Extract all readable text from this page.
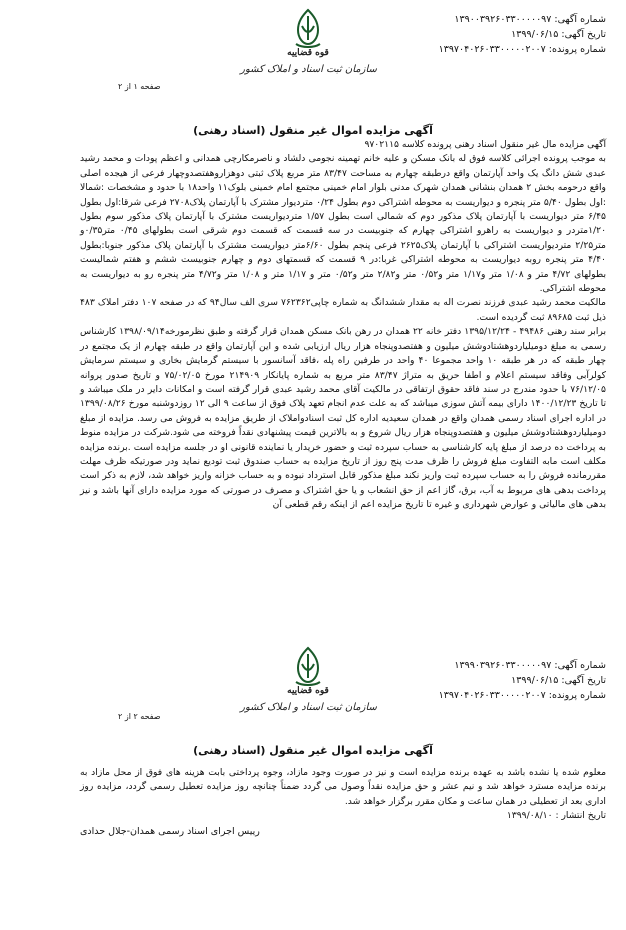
شماره آگهی: ۱۳۹۰۰۳۹۲۶۰۳۳۰۰۰۰۰۹۷
تاریخ آگهی: ۱۳۹۹/۰۶/۱۵
شماره پرونده: ۱۳۹۷۰۴۰۲۶۰۳۳۰۰۰۰۰۲۰۰۷
قوه قضاییه
سازمان ثبت اسناد و املاک کشور
صفحه ۱ از ۲
آگهی مزایده اموال غیر منقول (اسناد رهنی)

آگهی مزایده مال غیر منقول اسناد رهنی پرونده کلاسه ۹۷۰۲۱۱۵

به موجب پرونده اجرائی کلاسه فوق له بانک مسکن و علیه خانم تهمینه نجومی دلشاد و ناصرمکارچی همدانی و اعظم پودات و محمد رشید عبدی شش دانگ یک واحد آپارتمان واقع درطبقه چهارم به مساحت ۸۳/۴۷ متر مربع پلاک ثبتی دوهزاروهفتصدوچهار فرعی از هیجده اصلی واقع درحومه بخش ۲ همدان بنشانی همدان شهرک مدنی بلوار امام خمینی مجتمع امام خمینی بلوک۱۱ واحد۱۸ با حدود و مشخصات :شمالا :اول بطول ۵/۴۰ متر پنجره و دیواریست به محوطه اشتراکی دوم بطول ۰/۲۴ متردیوار مشترک با آپارتمان پلاک۲۷۰۸ فرعی شرقا:اول بطول ۶/۴۵ متر دیواریست با آپارتمان پلاک مذکور دوم که شمالی است بطول ۱/۵۷ متردیواریست مشترک با آپارتمان پلاک مذکور سوم بطول ۱/۲۰متردر و دیواریست به راهرو اشتراکی چهارم که جنوبیست در سه قسمت که قسمت دوم شرقی است بطولهای ۰/۴۵ متر۰/۳۵و متر۲/۲۵ متردیواریست اشتراکی با آپارتمان پلاک۲۶۲۵ فرعی پنجم بطول ۶/۶۰متر دیواریست مشترک با آپارتمان پلاک مذکور جنوبا:بطول ۴/۴۰ متر پنجره روبه دیواریست به محوطه اشتراکی غربا:در ۹ قسمت که قسمتهای دوم و چهارم جنوبیست ششم و هفتم شمالیست بطولهای ۴/۷۲ متر و ۱/۰۸ متر و۱/۱۷ متر و۰/۵۲ متر و۲/۸۲ متر و۰/۵۲ متر و ۱/۱۷ متر و ۱/۰۸ متر و۴/۷۲ متر پنجره رو به دیواریست به محوطه اشتراکی.

مالکیت محمد رشید عبدی فرزند نصرت اله به مقدار ششدانگ به شماره چاپی۷۶۲۳۶۲ سری الف سال۹۴ که در صفحه ۱۰۷ دفتر املاک ۴۸۳ ذیل ثبت ۸۹۶۸۵ ثبت گردیده است.

برابر سند رهنی ۴۹۴۸۶ - ۱۳۹۵/۱۲/۲۴ دفتر خانه ۲۲ همدان در رهن بانک مسکن همدان قرار گرفته و طبق نظرمورخه۱۳۹۸/۰۹/۱۴ کارشناس رسمی به مبلغ دومیلیاردوهشتادوشش میلیون و هفتصدوپنجاه هزار ریال ارزیابی شده و این آپارتمان واقع در طبقه چهارم از یک مجتمع در چهار طبقه که در هر طبقه ۱۰ واحد مجموعا ۴۰ واحد در طرفین راه پله ،فاقد آسانسور با سیستم گرمایش بخاری و سیستم سرمایش کولرآبی وفاقد سیستم اعلام و اطفا حریق به متراژ ۸۳/۴۷ متر مربع به شماره پایانکار ۲۱۴۹۰۹ مورخ ۷۵/۰۲/۰۵ و تاریخ صدور پروانه ۷۶/۱۲/۰۵ با حدود مندرج در سند فاقد حقوق ارتفاقی در مالکیت آقای محمد رشید عبدی قرار گرفته است و امکانات دایر در ملک میباشد و تا تاریخ ۱۴۰۰/۱۲/۲۳ دارای بیمه آتش سوزی میباشد که به علت عدم انجام تعهد پلاک فوق از ساعت ۹ الی ۱۲ روزدوشنبه مورخ ۱۳۹۹/۰۸/۲۶ در اداره اجرای اسناد رسمی همدان واقع در همدان سعیدیه اداره کل ثبت اسنادواملاک از طریق مزایده به فروش می رسد. مزایده از مبلغ دومیلیاردوهشتادوشش میلیون و هفتصدوپنجاه هزار ریال شروع و به بالاترین قیمت پیشنهادی نقداً فروخته می شود.شرکت در مزایده منوط به پرداخت ده درصد از مبلغ پایه کارشناسی به حساب سپرده ثبت و حضور خریدار یا نماینده قانونی او در جلسه مزایده است .برنده مزایده مکلف است مابه التفاوت مبلغ فروش را ظرف مدت پنج روز از تاریخ مزایده به حساب صندوق ثبت تودیع نماید ودر صورتیکه ظرف مهلت مقررمانده فروش را به حساب سپرده ثبت واریز نکند مبلغ مذکور قابل استرداد نبوده و به حساب خزانه واریز خواهد شد، لازم به ذکر است پرداخت بدهی های مربوط به آب، برق، گاز اعم از حق انشعاب و یا حق اشتراک و مصرف در صورتی که مورد مزایده دارای آنها باشد و نیز بدهی های مالیاتی و عوارض شهرداری و غیره تا تاریخ مزایده اعم از اینکه رقم قطعی آن

شماره آگهی: ۱۳۹۹۰۳۹۲۶۰۳۳۰۰۰۰۰۹۷
تاریخ آگهی: ۱۳۹۹/۰۶/۱۵
شماره پرونده: ۱۳۹۷۰۴۰۲۶۰۳۳۰۰۰۰۰۲۰۰۷
قوه قضاییه
سازمان ثبت اسناد و املاک کشور
صفحه ۲ از ۲
آگهی مزایده اموال غیر منقول (اسناد رهنی)

معلوم شده یا نشده باشد به عهده برنده مزایده است و نیز در صورت وجود مازاد، وجوه پرداختی بابت هزینه های فوق از محل مازاد به برنده مزایده مسترد خواهد شد و نیم عشر و حق مزایده نقداً وصول می گردد ضمناً چنانچه روز مزایده تعطیل رسمی گردد، مزایده روز اداری بعد از تعطیلی در همان ساعت و مکان مقرر برگزار خواهد شد.

تاریخ انتشار : ۱۳۹۹/۰۸/۱۰

رییس اجرای اسناد رسمی همدان-جلال حدادی
